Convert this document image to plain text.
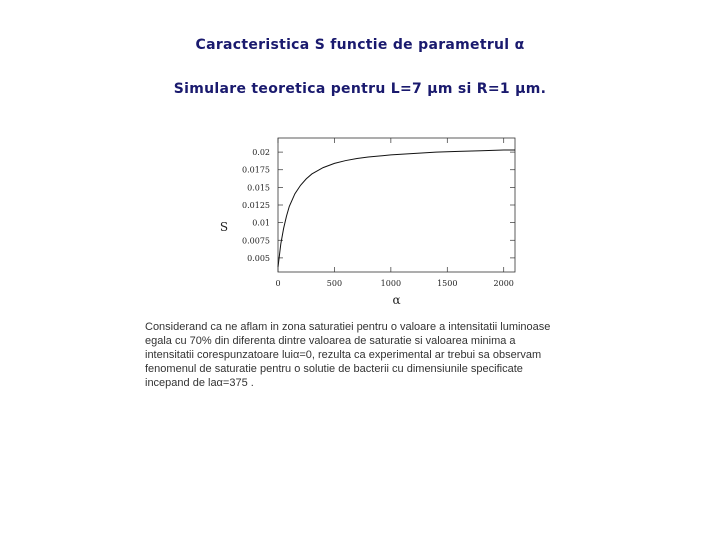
Caracteristica S functie de parametrul α
Simulare teoretica pentru L=7 µm si R=1 µm.
0.005
0.0075
0.01
0.0125
0.015
0.0175
0.02
0	500	1000	1500	2000
α
S

Considerand ca ne aflam in zona saturatiei pentru o valoare a intensitatii luminoase
egala cu 70% din diferenta dintre valoarea de saturatie si valoarea minima a
intensitatii corespunzatoare luiα=0, rezulta ca experimental ar trebui sa observam
fenomenul de saturatie pentru o solutie de bacterii cu dimensiunile specificate
incepand de laα=375 .
